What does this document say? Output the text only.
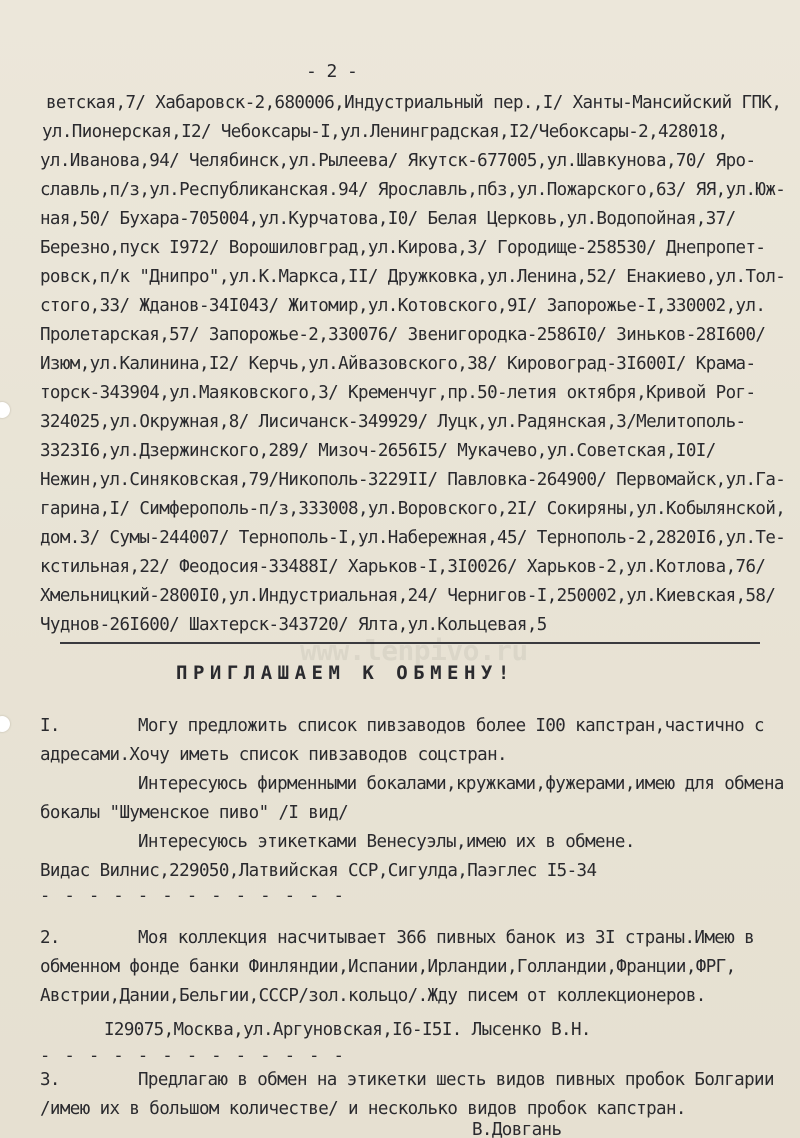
- 2 -
ветская,7/ Хабаровск-2,680006,Индустриальный пер.,I/ Ханты-Мансийский ГПК,
ул.Пионерская,I2/ Чебоксары-I,ул.Ленинградская,I2/Чебоксары-2,428018,
ул.Иванова,94/ Челябинск,ул.Рылеева/ Якутск-677005,ул.Шавкунова,70/ Яро-
славль,п/з,ул.Республиканская.94/ Ярославль,пбз,ул.Пожарского,63/ ЯЯ,ул.Юж-
ная,50/ Бухара-705004,ул.Курчатова,I0/ Белая Церковь,ул.Водопойная,37/
Березно,пуск I972/ Ворошиловград,ул.Кирова,3/ Городище-258530/ Днепропет-
ровск,п/к "Днипро",ул.К.Маркса,II/ Дружковка,ул.Ленина,52/ Енакиево,ул.Тол-
стого,33/ Жданов-34I043/ Житомир,ул.Котовского,9I/ Запорожье-I,330002,ул.
Пролетарская,57/ Запорожье-2,330076/ Звенигородка-2586I0/ Зиньков-28I600/
Изюм,ул.Калинина,I2/ Керчь,ул.Айвазовского,38/ Кировоград-3I600I/ Крама-
торск-343904,ул.Маяковского,3/ Кременчуг,пр.50-летия октября,Кривой Рог-
324025,ул.Окружная,8/ Лисичанск-349929/ Луцк,ул.Радянская,3/Мелитополь-
3323I6,ул.Дзержинского,289/ Мизоч-2656I5/ Мукачево,ул.Советская,I0I/
Нежин,ул.Синяковская,79/Никополь-3229II/ Павловка-264900/ Первомайск,ул.Га-
гарина,I/ Симферополь-п/з,333008,ул.Воровского,2I/ Сокиряны,ул.Кобылянской,
дом.3/ Сумы-244007/ Тернополь-I,ул.Набережная,45/ Тернополь-2,2820I6,ул.Те-
кстильная,22/ Феодосия-33488I/ Харьков-I,3I0026/ Харьков-2,ул.Котлова,76/
Хмельницкий-2800I0,ул.Индустриальная,24/ Чернигов-I,250002,ул.Киевская,58/
Чуднов-26I600/ Шахтерск-343720/ Ялта,ул.Кольцевая,5
www.lenpivo.ru
ПРИГЛАШАЕМ К ОБМЕНУ!
I.	Могу предложить список пивзаводов более I00 капстран,частично с
адресами.Хочу иметь список пивзаводов соцстран.
Интересуюсь фирменными бокалами,кружками,фужерами,имею для обмена
бокалы "Шуменское пиво" /I вид/
Интересуюсь этикетками Венесуэлы,имею их в обмене.
Видас Вилнис,229050,Латвийская ССР,Сигулда,Паэглес I5-34
- - - - - - - - - - - - -
2.	Моя коллекция насчитывает 366 пивных банок из 3I страны.Имею в
обменном фонде банки Финляндии,Испании,Ирландии,Голландии,Франции,ФРГ,
Австрии,Дании,Бельгии,СССР/зол.кольцо/.Жду писем от коллекционеров.
I29075,Москва,ул.Аргуновская,I6-I5I. Лысенко В.Н.
- - - - - - - - - - - - -
3.	Предлагаю в обмен на этикетки шесть видов пивных пробок Болгарии
/имею их в большом количестве/ и несколько видов пробок капстран.
В.Довгань
